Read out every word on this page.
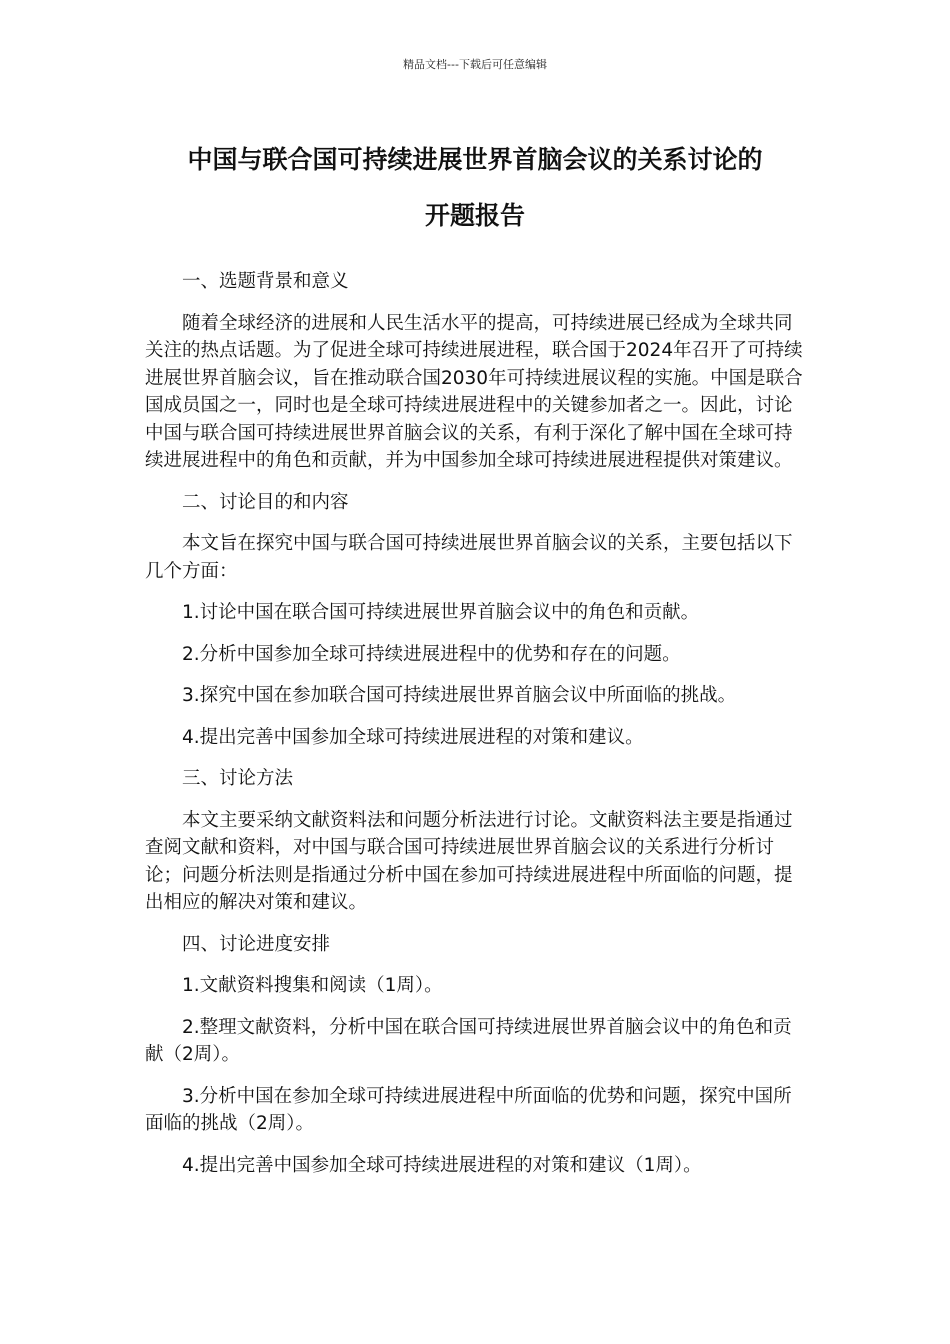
精品文档---下载后可任意编辑
中国与联合国可持续进展世界首脑会议的关系讨论的
开题报告

一、选题背景和意义

随着全球经济的进展和人民生活水平的提高，可持续进展已经成为全球共同关注的热点话题。为了促进全球可持续进展进程，联合国于2024年召开了可持续进展世界首脑会议，旨在推动联合国2030年可持续进展议程的实施。中国是联合国成员国之一，同时也是全球可持续进展进程中的关键参加者之一。因此，讨论中国与联合国可持续进展世界首脑会议的关系，有利于深化了解中国在全球可持续进展进程中的角色和贡献，并为中国参加全球可持续进展进程提供对策建议。

二、讨论目的和内容

本文旨在探究中国与联合国可持续进展世界首脑会议的关系，主要包括以下几个方面：

1.讨论中国在联合国可持续进展世界首脑会议中的角色和贡献。

2.分析中国参加全球可持续进展进程中的优势和存在的问题。

3.探究中国在参加联合国可持续进展世界首脑会议中所面临的挑战。

4.提出完善中国参加全球可持续进展进程的对策和建议。

三、讨论方法

本文主要采纳文献资料法和问题分析法进行讨论。文献资料法主要是指通过查阅文献和资料，对中国与联合国可持续进展世界首脑会议的关系进行分析讨论；问题分析法则是指通过分析中国在参加可持续进展进程中所面临的问题，提出相应的解决对策和建议。

四、讨论进度安排

1.文献资料搜集和阅读（1周）。

2.整理文献资料，分析中国在联合国可持续进展世界首脑会议中的角色和贡献（2周）。

3.分析中国在参加全球可持续进展进程中所面临的优势和问题，探究中国所面临的挑战（2周）。

4.提出完善中国参加全球可持续进展进程的对策和建议（1周）。
